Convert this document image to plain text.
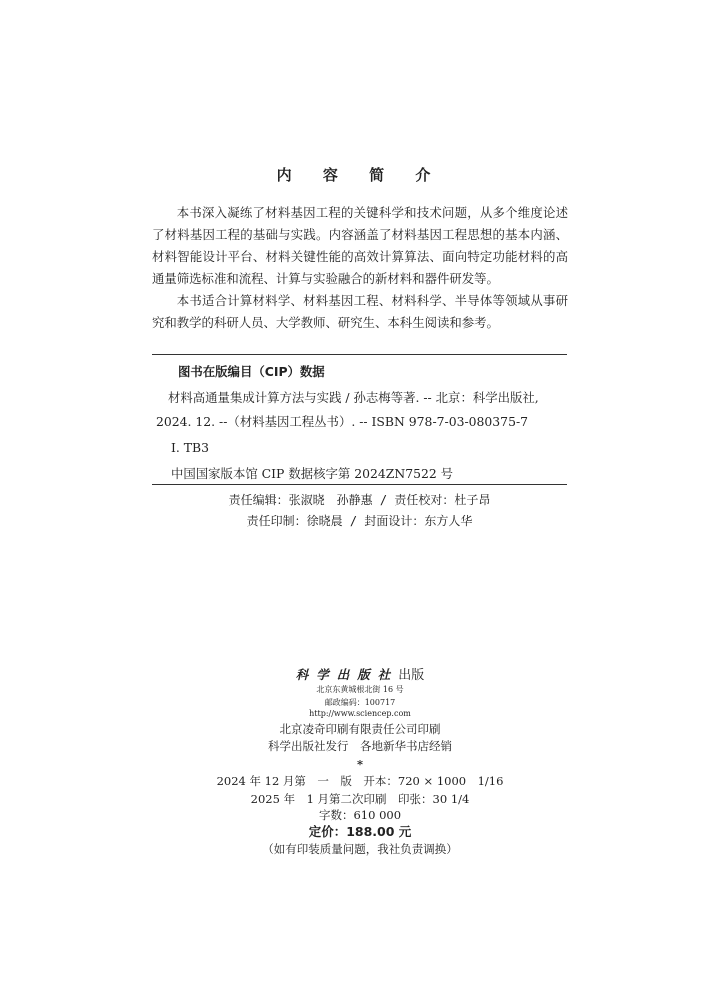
内 容 简 介

本书深入凝练了材料基因工程的关键科学和技术问题，从多个维度论述了材料基因工程的基础与实践。内容涵盖了材料基因工程思想的基本内涵、材料智能设计平台、材料关键性能的高效计算算法、面向特定功能材料的高通量筛选标准和流程、计算与实验融合的新材料和器件研发等。

本书适合计算材料学、材料基因工程、材料科学、半导体等领域从事研究和教学的科研人员、大学教师、研究生、本科生阅读和参考。

图书在版编目（CIP）数据
材料高通量集成计算方法与实践 / 孙志梅等著. -- 北京：科学出版社,
2024. 12. --（材料基因工程丛书）. -- ISBN 978-7-03-080375-7
Ⅰ. TB3
中国国家版本馆 CIP 数据核字第 2024ZN7522 号
责任编辑：张淑晓　孙静惠 / 责任校对：杜子昂
责任印制：徐晓晨 / 封面设计：东方人华
科学出版社出版
北京东黄城根北街 16 号
邮政编码：100717
http://www.sciencep.com
北京凌奇印刷有限责任公司印刷
科学出版社发行　各地新华书店经销
*
2024 年 12 月第　一　版　开本：720 × 1000　1/16
2025 年　1 月第二次印刷　印张：30 1/4
字数：610 000
定价：188.00 元
（如有印装质量问题，我社负责调换）
